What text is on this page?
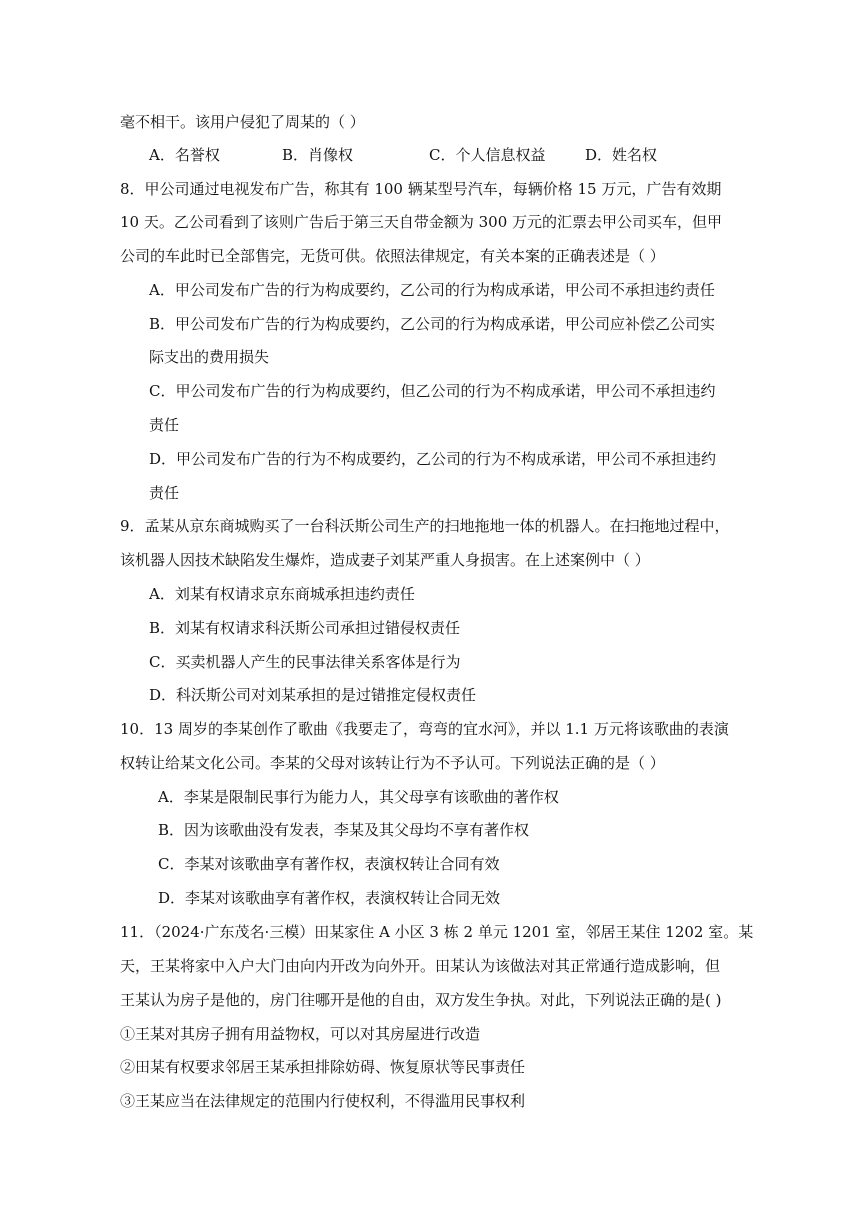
毫不相干。该用户侵犯了周某的（ ）
A．名誉权	B．肖像权	C．个人信息权益	D．姓名权
8．甲公司通过电视发布广告，称其有 100 辆某型号汽车，每辆价格 15 万元，广告有效期
10 天。乙公司看到了该则广告后于第三天自带金额为 300 万元的汇票去甲公司买车，但甲
公司的车此时已全部售完，无货可供。依照法律规定，有关本案的正确表述是（ ）
A．甲公司发布广告的行为构成要约，乙公司的行为构成承诺，甲公司不承担违约责任
B．甲公司发布广告的行为构成要约，乙公司的行为构成承诺，甲公司应补偿乙公司实
际支出的费用损失
C．甲公司发布广告的行为构成要约，但乙公司的行为不构成承诺，甲公司不承担违约
责任
D．甲公司发布广告的行为不构成要约，乙公司的行为不构成承诺，甲公司不承担违约
责任
9．孟某从京东商城购买了一台科沃斯公司生产的扫地拖地一体的机器人。在扫拖地过程中，
该机器人因技术缺陷发生爆炸，造成妻子刘某严重人身损害。在上述案例中（ ）
A．刘某有权请求京东商城承担违约责任
B．刘某有权请求科沃斯公司承担过错侵权责任
C．买卖机器人产生的民事法律关系客体是行为
D．科沃斯公司对刘某承担的是过错推定侵权责任
10．13 周岁的李某创作了歌曲《我要走了，弯弯的宜水河》，并以 1.1 万元将该歌曲的表演
权转让给某文化公司。李某的父母对该转让行为不予认可。下列说法正确的是（ ）
A．李某是限制民事行为能力人，其父母享有该歌曲的著作权
B．因为该歌曲没有发表，李某及其父母均不享有著作权
C．李某对该歌曲享有著作权，表演权转让合同有效
D．李某对该歌曲享有著作权，表演权转让合同无效
11．（2024·广东茂名·三模）田某家住 A 小区 3 栋 2 单元 1201 室，邻居王某住 1202 室。某
天，王某将家中入户大门由向内开改为向外开。田某认为该做法对其正常通行造成影响，但
王某认为房子是他的，房门往哪开是他的自由，双方发生争执。对此，下列说法正确的是( )
①王某对其房子拥有用益物权，可以对其房屋进行改造
②田某有权要求邻居王某承担排除妨碍、恢复原状等民事责任
③王某应当在法律规定的范围内行使权利，不得滥用民事权利
